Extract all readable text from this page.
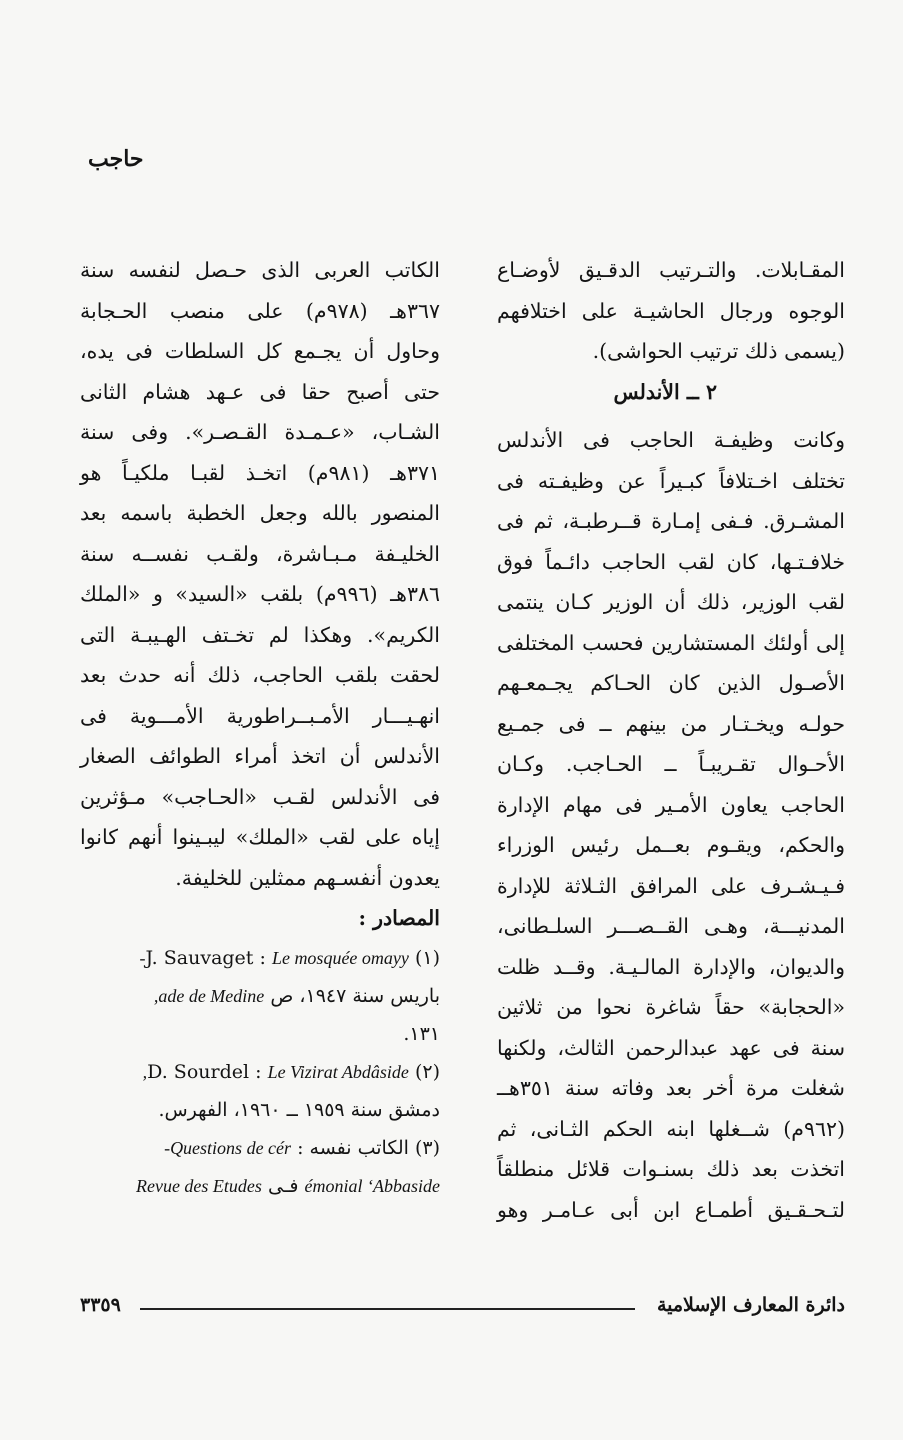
حاجب
المقـابلات. والتـرتيب الدقـيق لأوضـاع
الوجوه ورجال الحاشيـة على اختلافهم
(يسمى ذلك ترتيب الحواشى).
٢ ــ الأندلس
وكانت وظيفـة الحاجب فى الأندلس
تختلف اخـتلافاً كبـيراً عن وظيفـته فى
المشـرق. فـفى إمـارة قــرطبـة، ثم فى
خلافـتـها، كان لقب الحاجب دائـماً فوق
لقب الوزير، ذلك أن الوزير كـان ينتمى
إلى أولئك المستشارين فحسب المختلفى
الأصـول الذين كان الحـاكم يجـمعـهم
حولـه ويخـتـار من بينهم ــ فى جمـيع
الأحـوال تقـريبـاً ــ الحـاجب. وكـان
الحاجب يعاون الأمـير فى مهام الإدارة
والحكم، ويقـوم بعــمل رئيس الوزراء
فـيـشـرف على المرافق الثـلاثة للإدارة
المدنيـــة، وهـى القــصـــر السلـطانى،
والديوان، والإدارة المالـيـة. وقــد ظلت
«الحجابة» حقاً شاغرة نحوا من ثلاثين
سنة فى عهد عبدالرحمن الثالث، ولكنها
شغلت مرة أخر بعد وفاته سنة ٣٥١هــ
(٩٦٢م) شــغلها ابنه الحكم الثـانى، ثم
اتخذت بعد ذلك بسنـوات قلائل منطلقاً
لتـحـقـيق أطمـاع ابن أبى عـامـر وهو
الكاتب العربى الذى حـصل لنفسه سنة
٣٦٧هـ (٩٧٨م) على منصب الحـجابة
وحاول أن يجـمع كل السلطات فى يده،
حتى أصبح حقا فى عـهد هشام الثانى
الشـاب، «عـمـدة القـصـر». وفى سنة
٣٧١هـ (٩٨١م) اتخـذ لقبـا ملكيـاً هو
المنصور بالله وجعل الخطبة باسمه بعد
الخليـفة مـبـاشرة، ولقـب نفســه سنة
٣٨٦هـ (٩٩٦م) بلقب «السيد» و «الملك
الكريم». وهكذا لم تخـتف الهـيبـة التى
لحقت بلقب الحاجب، ذلك أنه حدث بعد
انهـيـــار الأمـبــراطورية الأمـــوية فى
الأندلس أن اتخذ أمراء الطوائف الصغار
فى الأندلس لقـب «الحـاجب» مـؤثرين
إياه على لقب «الملك» ليبـينوا أنهم كانوا
يعدون أنفسـهم ممثلين للخليفة.
المصادر :
(١) J. Sauvaget : Le mosquée omayy-
باريس سنة ١٩٤٧، ص ade de Medine,
١٣١.
(٢) D. Sourdel : Le Vizirat Abdâside,
دمشق سنة ١٩٥٩ ــ ١٩٦٠، الفهرس.
(٣) الكاتب نفسه : Questions de cér-
émonial ‘Abbaside فـى Revue des Etudes
دائرة المعارف الإسلامية
٣٣٥٩
